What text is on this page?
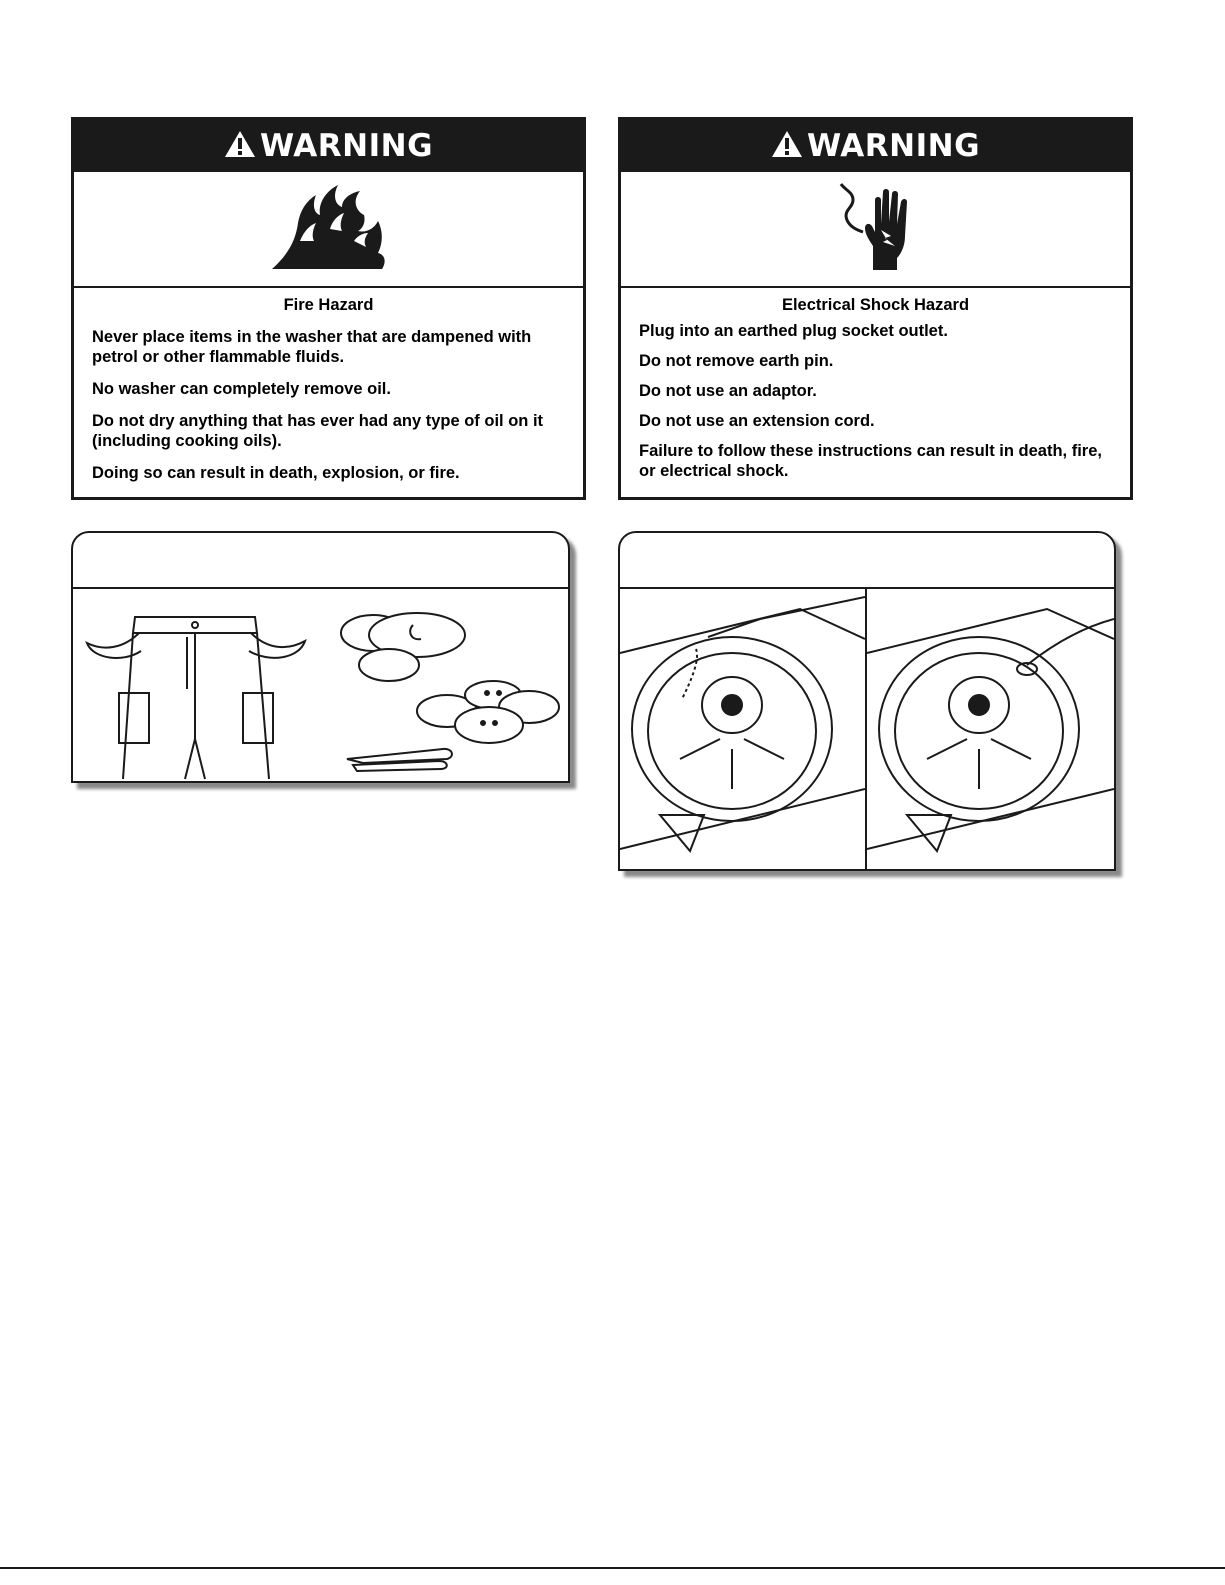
WARNING

Fire Hazard

Never place items in the washer that are dampened with petrol or other flammable fluids.

No washer can completely remove oil.

Do not dry anything that has ever had any type of oil on it (including cooking oils).

Doing so can result in death, explosion, or fire.

WARNING

Electrical Shock Hazard

Plug into an earthed plug socket outlet.

Do not remove earth pin.

Do not use an adaptor.

Do not use an extension cord.

Failure to follow these instructions can result in death, fire, or electrical shock.
